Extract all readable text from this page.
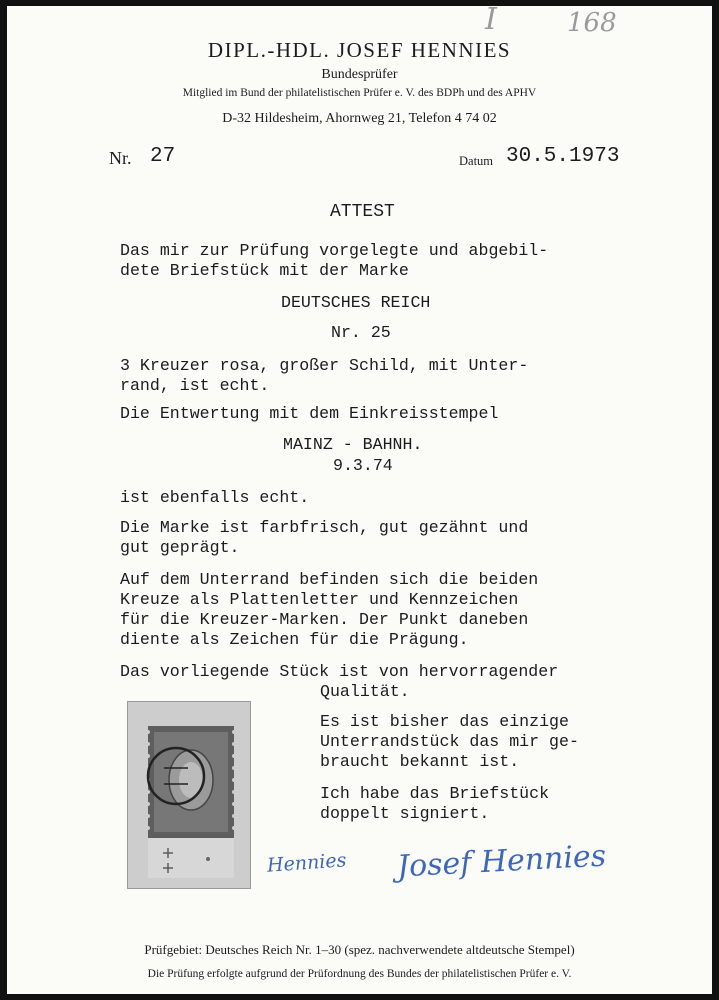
I	168
DIPL.-HDL. JOSEF HENNIES
Bundesprüfer
Mitglied im Bund der philatelistischen Prüfer e. V. des BDPh und des APHV
D-32 Hildesheim, Ahornweg 21, Telefon 4 74 02
Nr. 27	Datum 30.5.1973
ATTEST
Das mir zur Prüfung vorgelegte und abgebil-
dete Briefstück mit der Marke
DEUTSCHES REICH
Nr. 25
3 Kreuzer rosa, großer Schild, mit Unter-
rand, ist echt.
Die Entwertung mit dem Einkreisstempel
MAINZ - BAHNH.
9.3.74
ist ebenfalls echt.
Die Marke ist farbfrisch, gut gezähnt und
gut geprägt.
Auf dem Unterrand befinden sich die beiden
Kreuze als Plattenletter und Kennzeichen
für die Kreuzer-Marken. Der Punkt daneben
diente als Zeichen für die Prägung.
Das vorliegende Stück ist von hervorragender
Qualität.
Es ist bisher das einzige
Unterrandstück das mir ge-
braucht bekannt ist.
Ich habe das Briefstück
doppelt signiert.
Hennies Josef Hennies
Prüfgebiet: Deutsches Reich Nr. 1–30 (spez. nachverwendete altdeutsche Stempel)
Die Prüfung erfolgte aufgrund der Prüfordnung des Bundes der philatelistischen Prüfer e. V.
